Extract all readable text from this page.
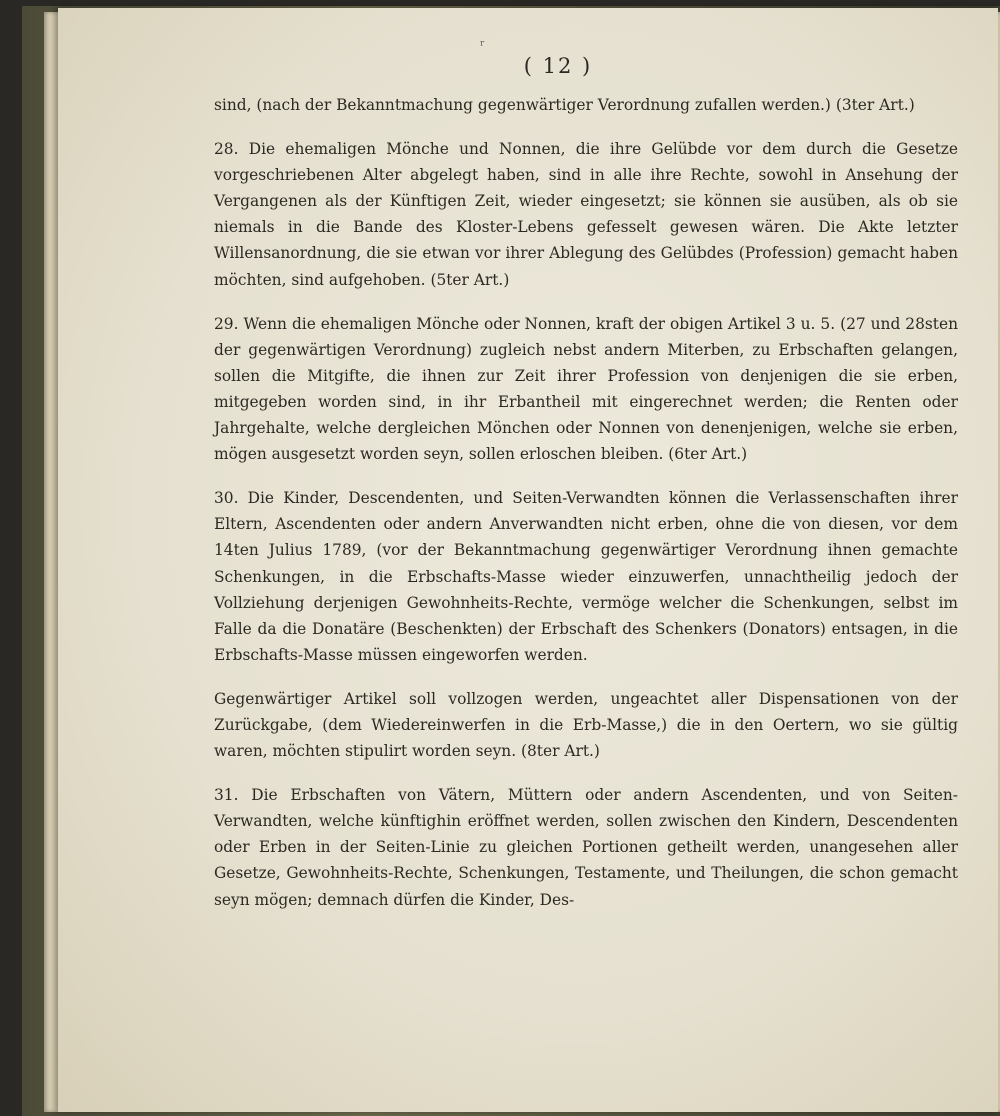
ʳ
( 12 )

sind, (nach der Bekanntmachung gegenwärtiger Verordnung zufallen werden.) (3ter Art.)

28. Die ehemaligen Mönche und Nonnen, die ihre Gelübde vor dem durch die Gesetze vorgeschriebenen Alter abgelegt haben, sind in alle ihre Rechte, sowohl in Ansehung der Vergangenen als der Künftigen Zeit, wieder eingesetzt; sie können sie ausüben, als ob sie niemals in die Bande des Kloster-Lebens gefesselt gewesen wären. Die Akte letzter Willensanordnung, die sie etwan vor ihrer Ablegung des Gelübdes (Profession) gemacht haben möchten, sind aufgehoben. (5ter Art.)

29. Wenn die ehemaligen Mönche oder Nonnen, kraft der obigen Artikel 3 u. 5. (27 und 28sten der gegenwärtigen Verordnung) zugleich nebst andern Miterben, zu Erbschaften gelangen, sollen die Mitgifte, die ihnen zur Zeit ihrer Profession von denjenigen die sie erben, mitgegeben worden sind, in ihr Erbantheil mit eingerechnet werden; die Renten oder Jahrgehalte, welche dergleichen Mönchen oder Nonnen von denenjenigen, welche sie erben, mögen ausgesetzt worden seyn, sollen erloschen bleiben. (6ter Art.)

30. Die Kinder, Descendenten, und Seiten-Verwandten können die Verlassenschaften ihrer Eltern, Ascendenten oder andern Anverwandten nicht erben, ohne die von diesen, vor dem 14ten Julius 1789, (vor der Bekanntmachung gegenwärtiger Verordnung ihnen gemachte Schenkungen, in die Erbschafts-Masse wieder einzuwerfen, unnachtheilig jedoch der Vollziehung derjenigen Gewohnheits-Rechte, vermöge welcher die Schenkungen, selbst im Falle da die Donatäre (Beschenkten) der Erbschaft des Schenkers (Donators) entsagen, in die Erbschafts-Masse müssen eingeworfen werden.

Gegenwärtiger Artikel soll vollzogen werden, ungeachtet aller Dispensationen von der Zurückgabe, (dem Wiedereinwerfen in die Erb-Masse,) die in den Oertern, wo sie gültig waren, möchten stipulirt worden seyn. (8ter Art.)

31. Die Erbschaften von Vätern, Müttern oder andern Ascendenten, und von Seiten-Verwandten, welche künftighin eröffnet werden, sollen zwischen den Kindern, Descendenten oder Erben in der Seiten-Linie zu gleichen Portionen getheilt werden, unangesehen aller Gesetze, Gewohnheits-Rechte, Schenkungen, Testamente, und Theilungen, die schon gemacht seyn mögen; demnach dürfen die Kinder, Des-
